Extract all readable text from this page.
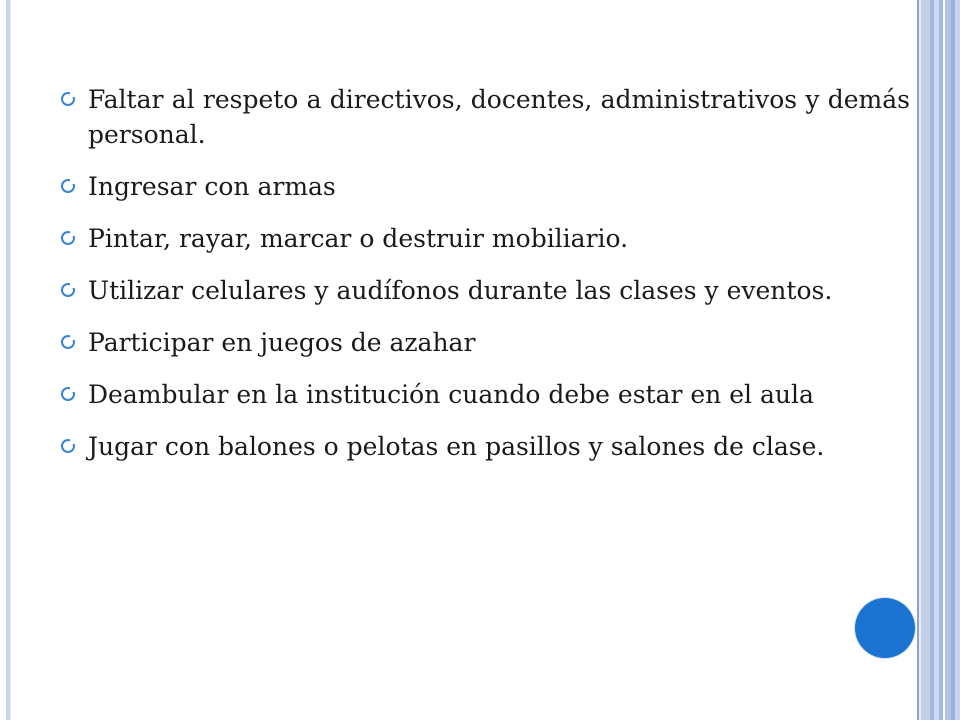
Faltar al respeto a directivos, docentes, administrativos y demás personal.
Ingresar con armas
Pintar, rayar, marcar o destruir mobiliario.
Utilizar celulares y audífonos durante las clases y eventos.
Participar en juegos de azahar
Deambular en la institución cuando debe estar en el aula
Jugar con balones o pelotas en pasillos y salones de clase.
